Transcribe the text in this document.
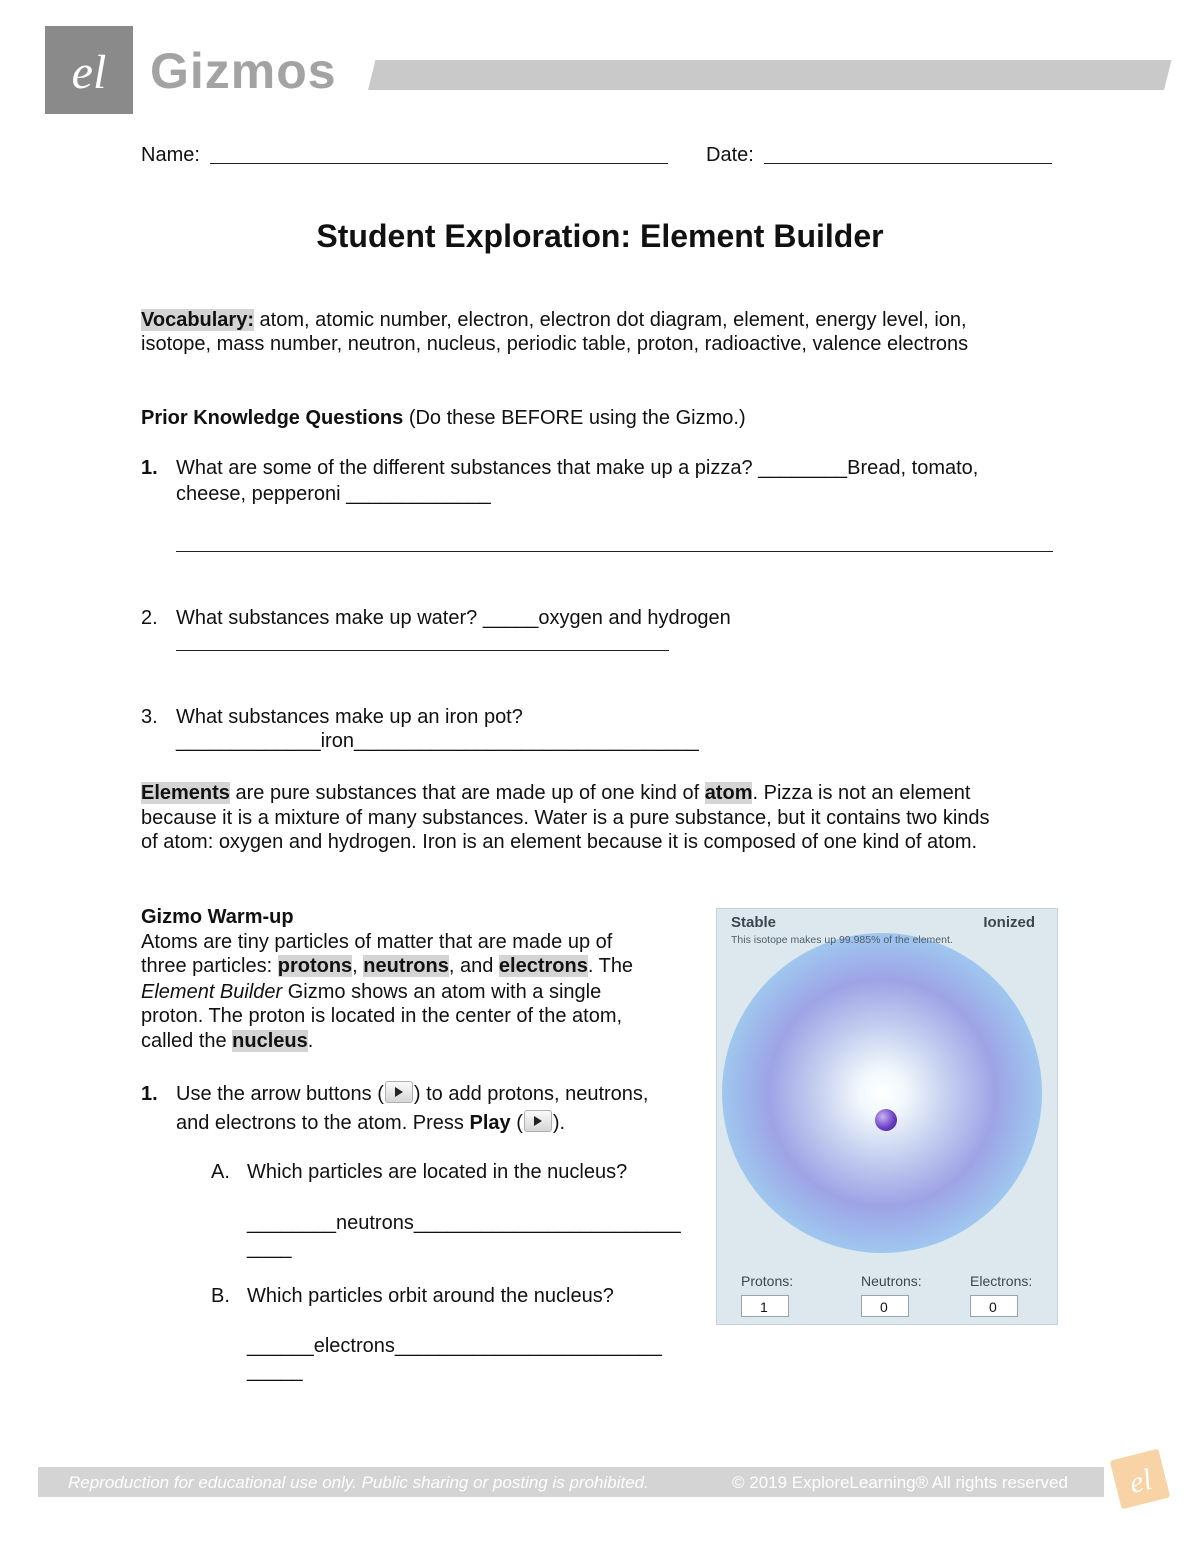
el Gizmos
Name:	Date:
Student Exploration: Element Builder
Vocabulary: atom, atomic number, electron, electron dot diagram, element, energy level, ion,
isotope, mass number, neutron, nucleus, periodic table, proton, radioactive, valence electrons
Prior Knowledge Questions (Do these BEFORE using the Gizmo.)
1. What are some of the different substances that make up a pizza? ________Bread, tomato,
cheese, pepperoni _____________
2. What substances make up water? _____oxygen and hydrogen
3. What substances make up an iron pot?
_____________iron_______________________________
Elements are pure substances that are made up of one kind of atom. Pizza is not an element
because it is a mixture of many substances. Water is a pure substance, but it contains two kinds
of atom: oxygen and hydrogen. Iron is an element because it is composed of one kind of atom.
Gizmo Warm-up
Atoms are tiny particles of matter that are made up of
three particles: protons, neutrons, and electrons. The
Element Builder Gizmo shows an atom with a single
proton. The proton is located in the center of the atom,
called the nucleus.
1. Use the arrow buttons ( ) to add protons, neutrons,
and electrons to the atom. Press Play ( ).
A. Which particles are located in the nucleus?
________neutrons________________________
____
B. Which particles orbit around the nucleus?
______electrons________________________
_____
Stable	Ionized
This isotope makes up 99.985% of the element.
Protons:	Neutrons:	Electrons:
1	0	0
Reproduction for educational use only. Public sharing or posting is prohibited.	© 2019 ExploreLearning® All rights reserved el
